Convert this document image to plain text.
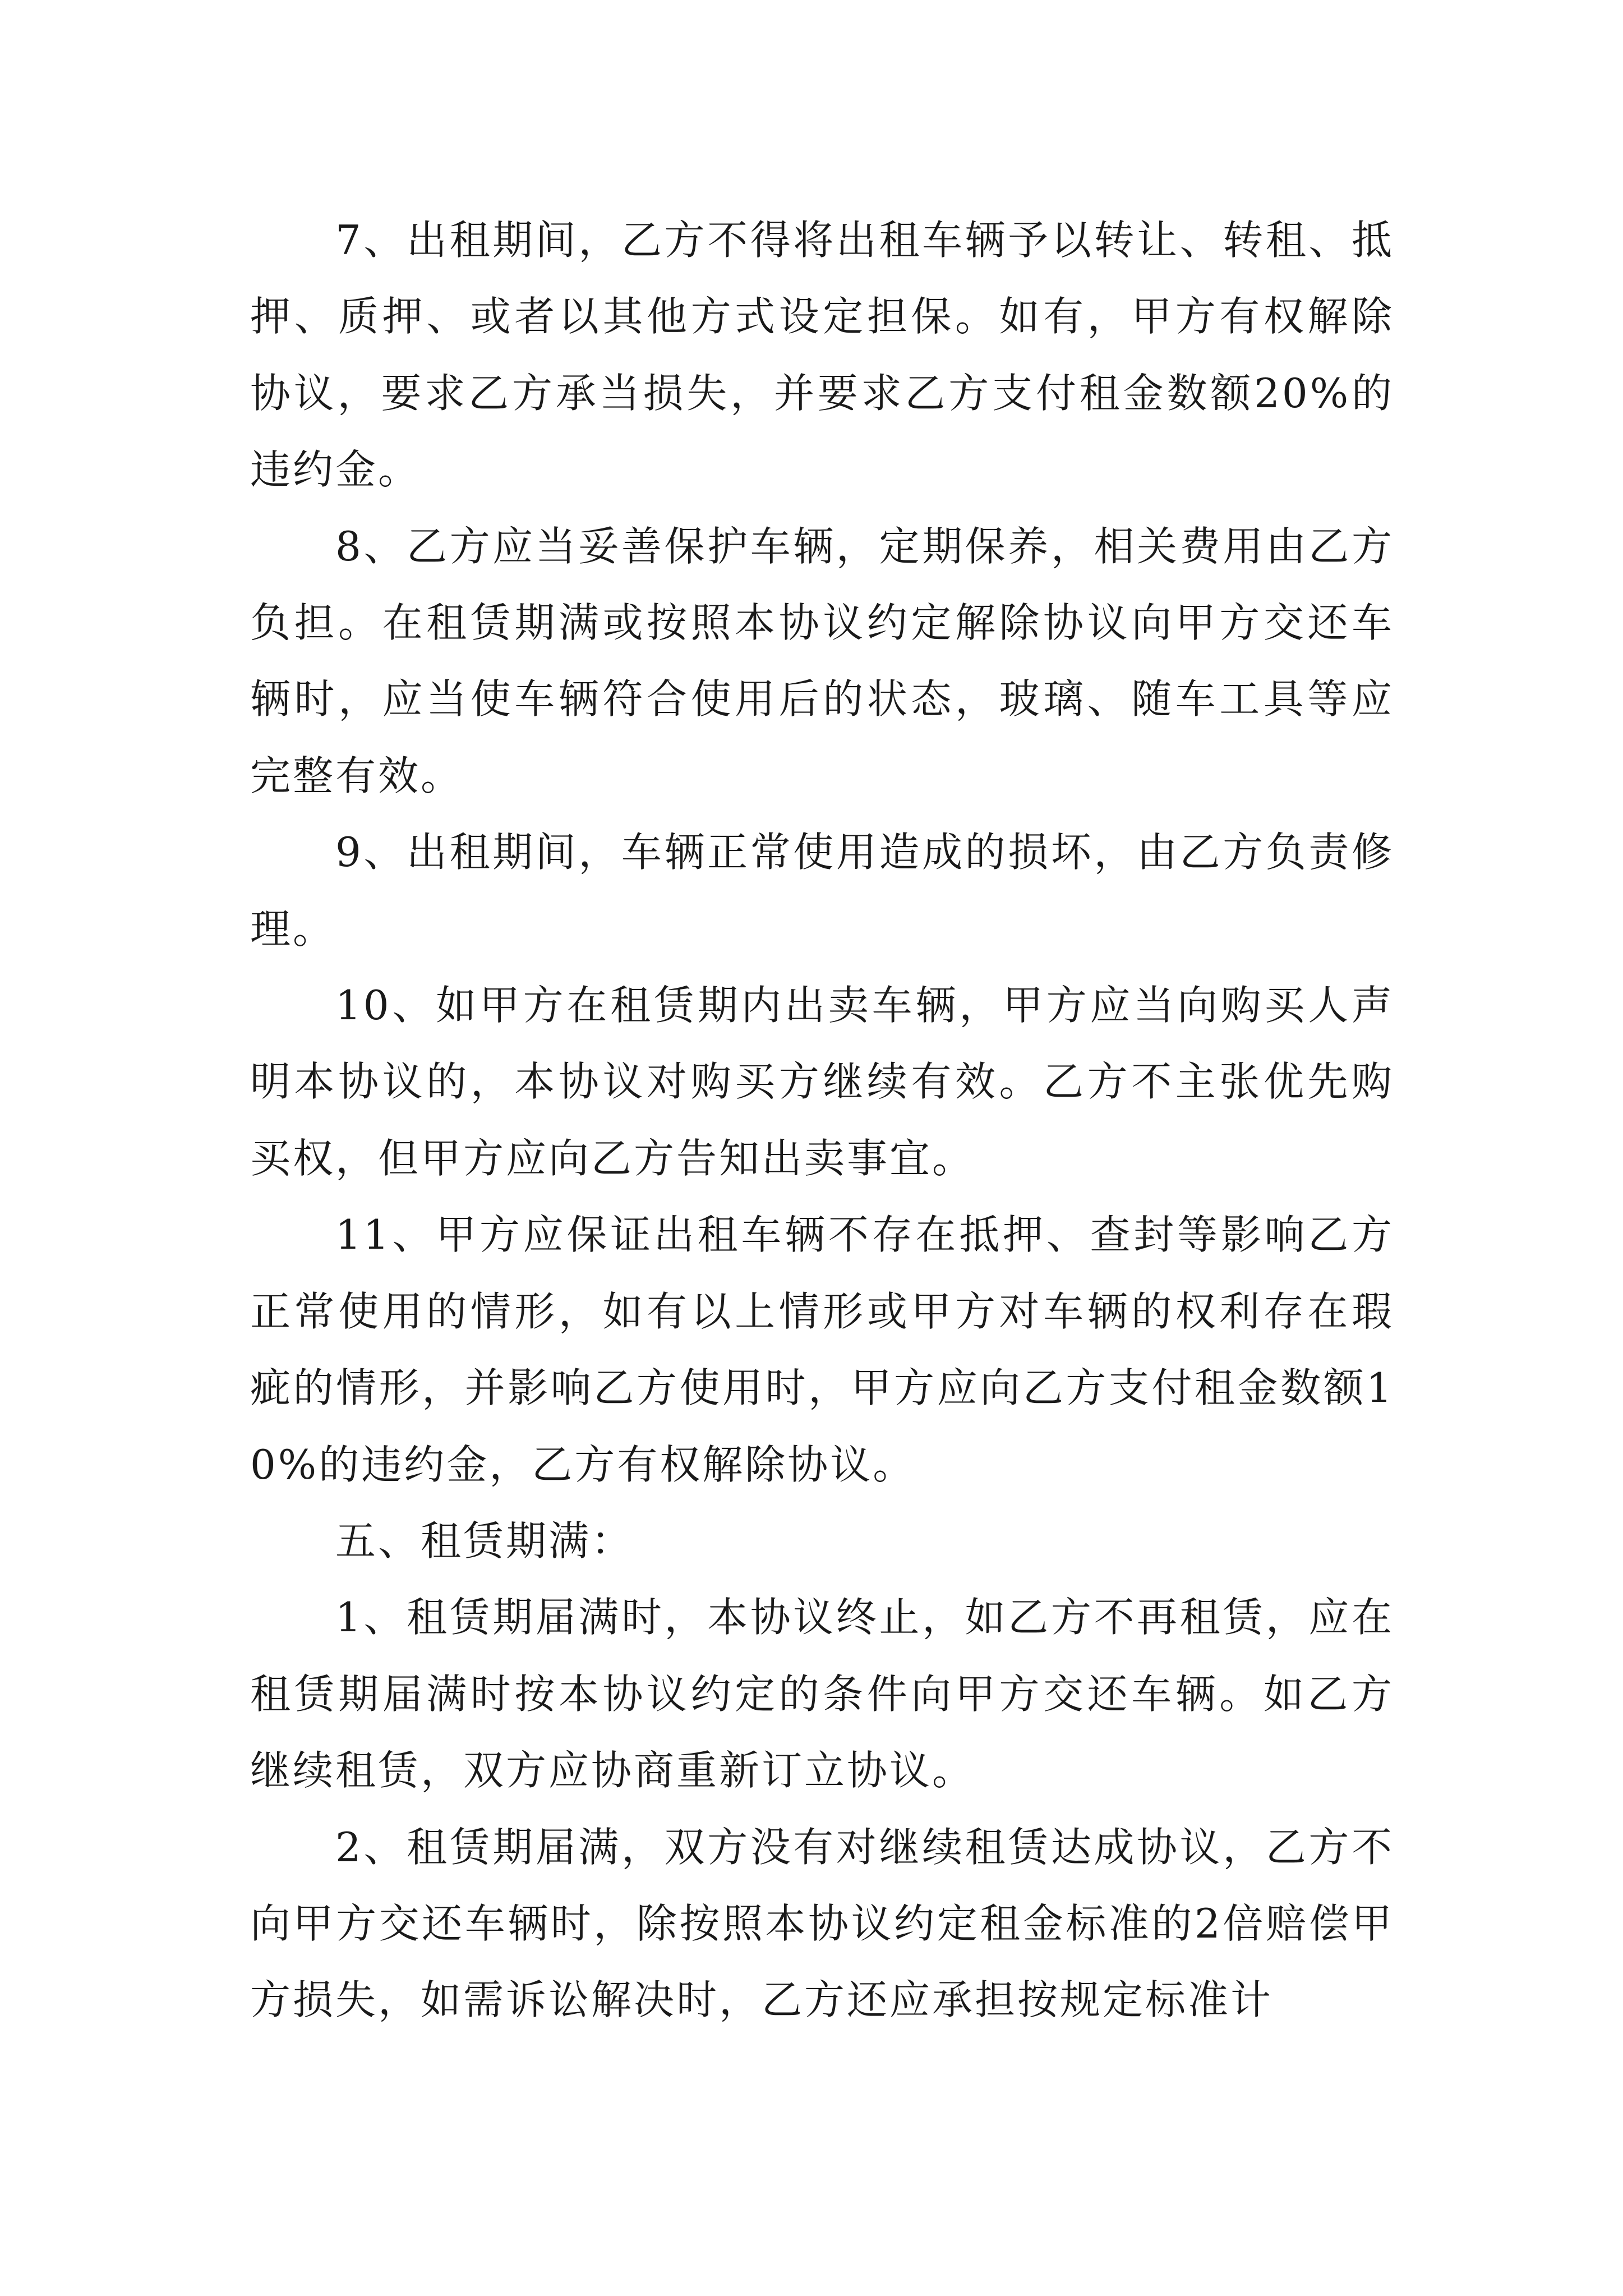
7、出租期间，乙方不得将出租车辆予以转让、转租、抵押、质押、或者以其他方式设定担保。如有，甲方有权解除协议，要求乙方承当损失，并要求乙方支付租金数额20%的违约金。

8、乙方应当妥善保护车辆，定期保养，相关费用由乙方负担。在租赁期满或按照本协议约定解除协议向甲方交还车辆时，应当使车辆符合使用后的状态，玻璃、随车工具等应完整有效。

9、出租期间，车辆正常使用造成的损坏，由乙方负责修理。

10、如甲方在租赁期内出卖车辆，甲方应当向购买人声明本协议的，本协议对购买方继续有效。乙方不主张优先购买权，但甲方应向乙方告知出卖事宜。

11、甲方应保证出租车辆不存在抵押、查封等影响乙方正常使用的情形，如有以上情形或甲方对车辆的权利存在瑕疵的情形，并影响乙方使用时，甲方应向乙方支付租金数额10%的违约金，乙方有权解除协议。

五、租赁期满：

1、租赁期届满时，本协议终止，如乙方不再租赁，应在租赁期届满时按本协议约定的条件向甲方交还车辆。如乙方继续租赁，双方应协商重新订立协议。

2、租赁期届满，双方没有对继续租赁达成协议，乙方不向甲方交还车辆时，除按照本协议约定租金标准的2倍赔偿甲方损失，如需诉讼解决时，乙方还应承担按规定标准计
